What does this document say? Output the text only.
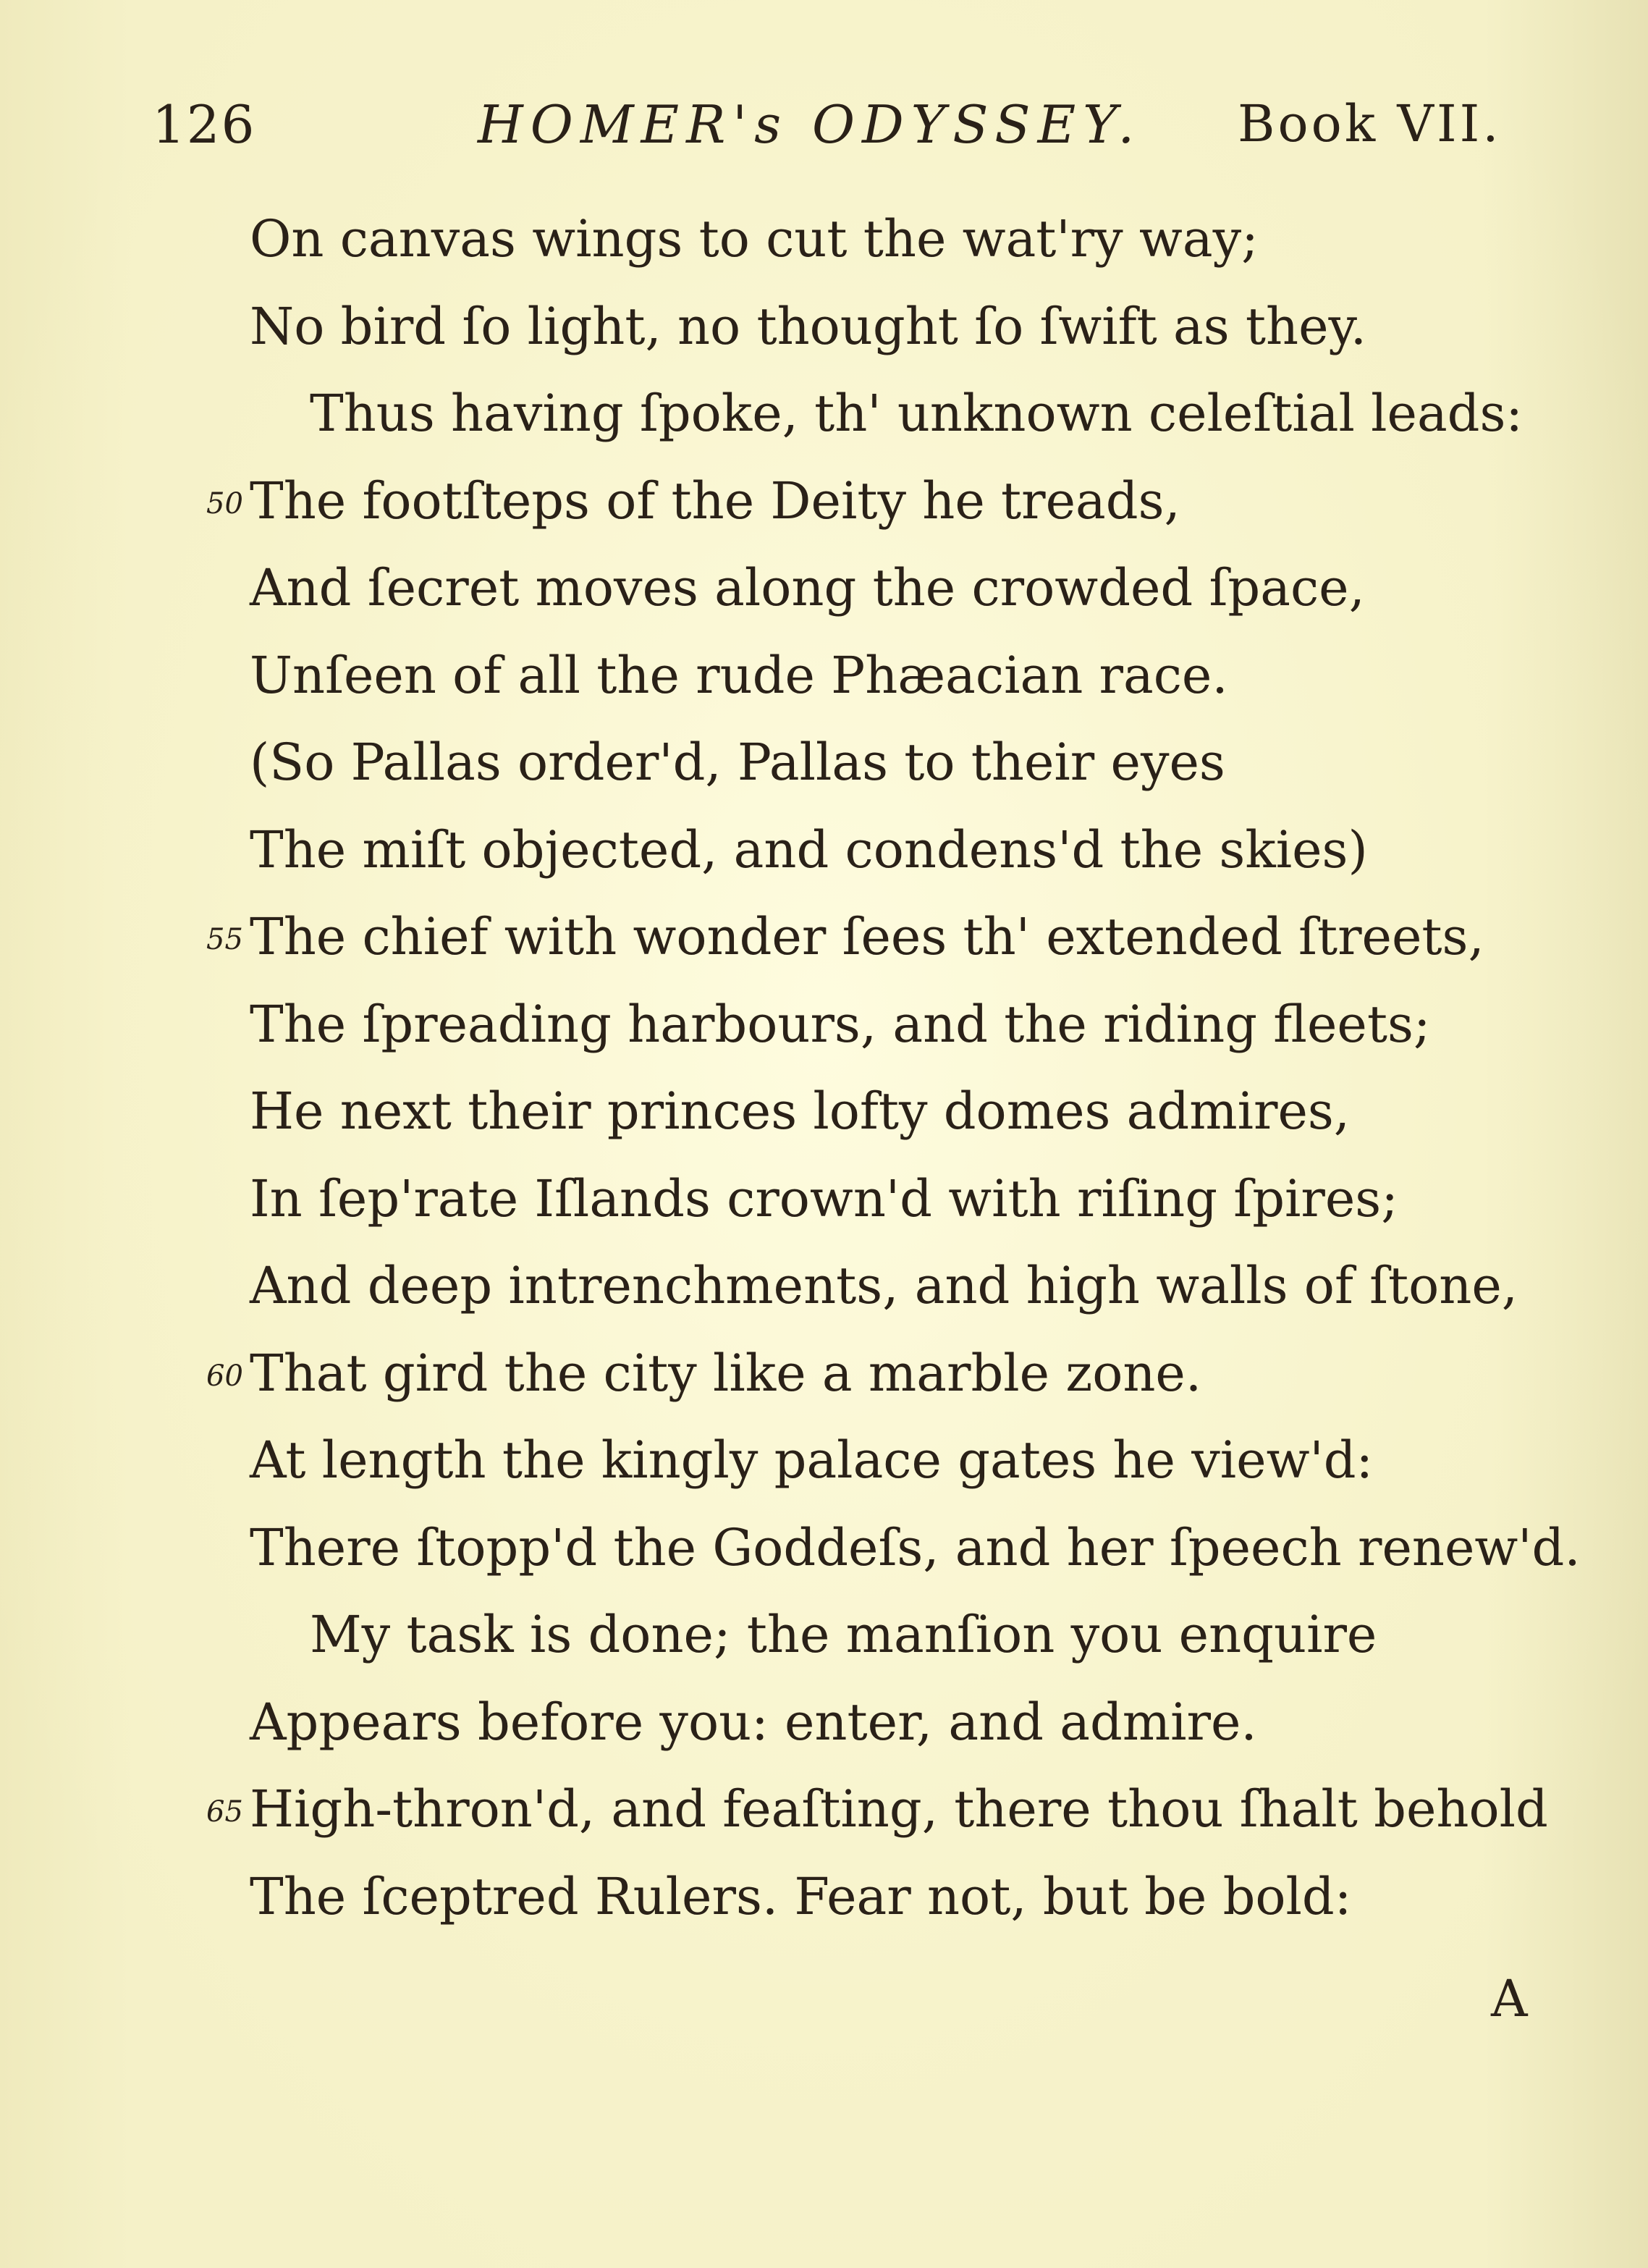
126	HOMER's ODYSSEY. Book VII.
On canvas wings to cut the wat'ry way;
No bird ſo light, no thought ſo ſwift as they.
Thus having ſpoke, th' unknown celeſtial leads:
50 The footſteps of the Deity he treads,
And ſecret moves along the crowded ſpace,
Unſeen of all the rude Phæacian race.
(So Pallas order'd, Pallas to their eyes
The miſt objected, and condens'd the skies)
55 The chief with wonder ſees th' extended ſtreets,
The ſpreading harbours, and the riding fleets;
He next their princes lofty domes admires,
In ſep'rate Iſlands crown'd with riſing ſpires;
And deep intrenchments, and high walls of ſtone,
60 That gird the city like a marble zone.
At length the kingly palace gates he view'd:
There ſtopp'd the Goddeſs, and her ſpeech renew'd.
My task is done; the manſion you enquire
Appears before you: enter, and admire.
65 High-thron'd, and feaſting, there thou ſhalt behold
The ſceptred Rulers. Fear not, but be bold:
A
